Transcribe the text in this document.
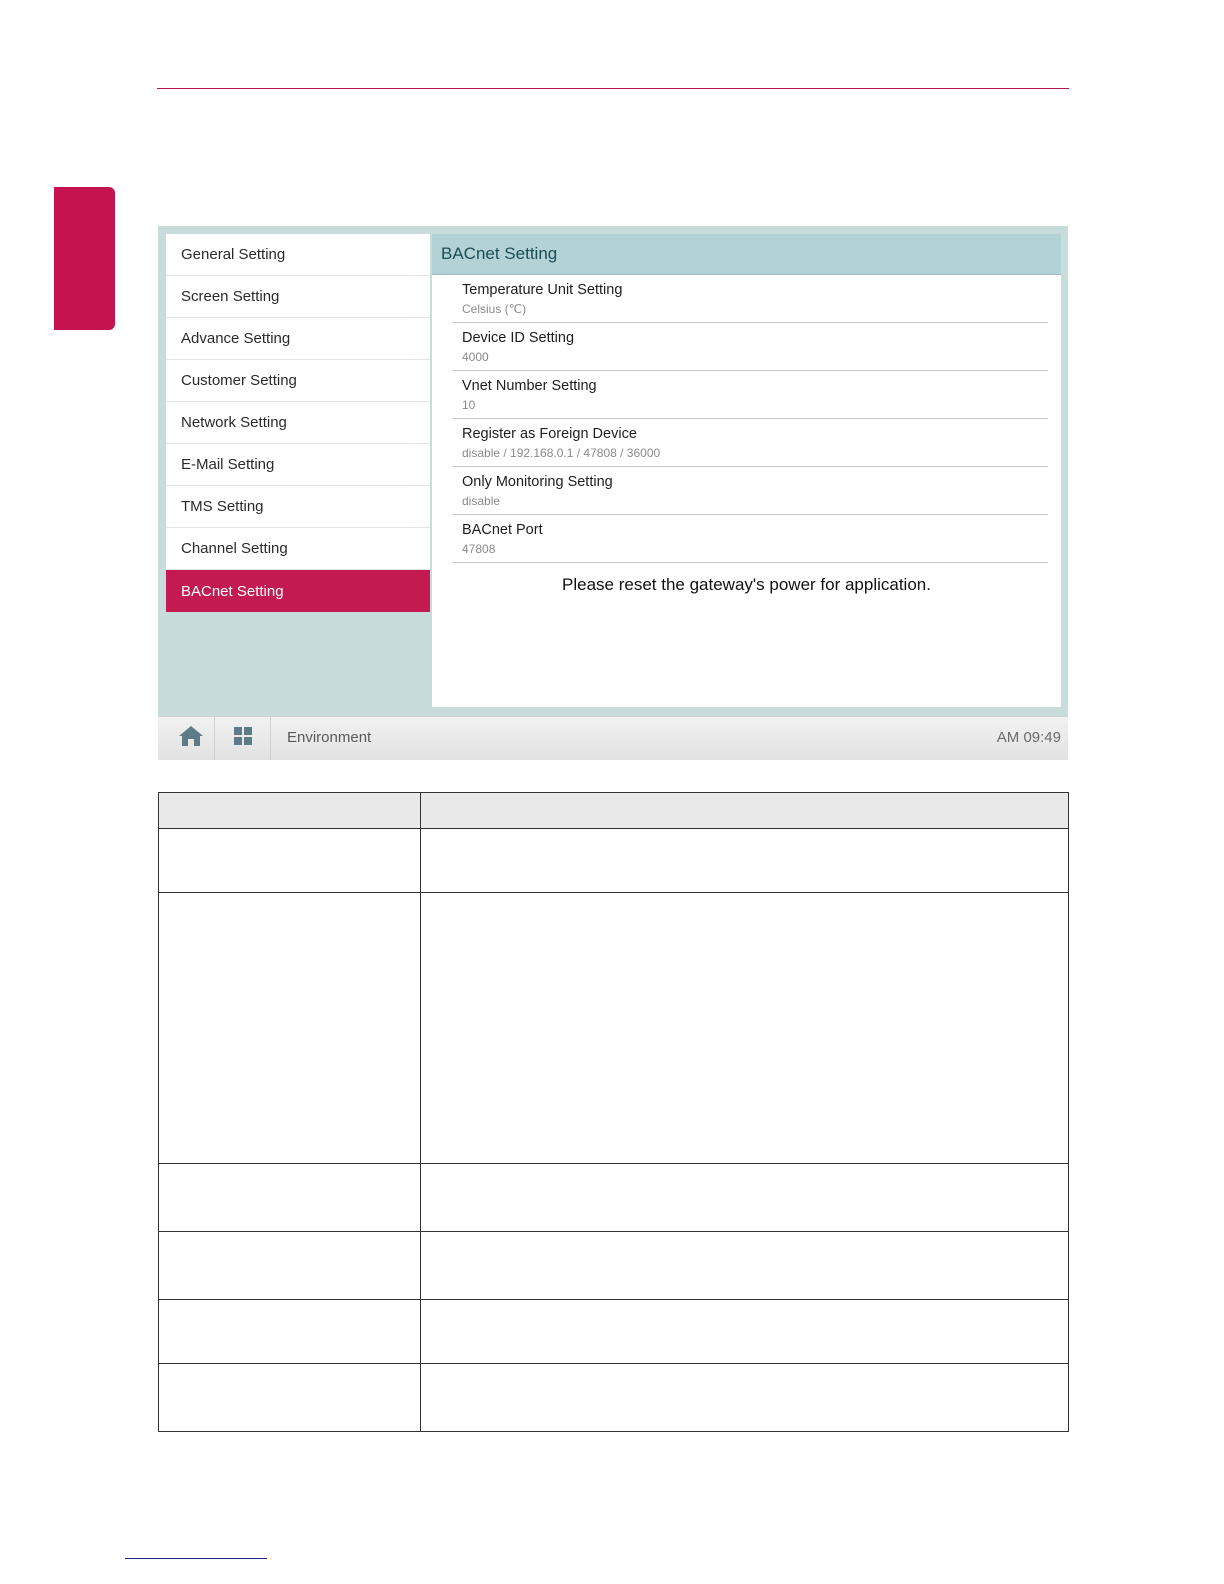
General Setting
Screen Setting
Advance Setting
Customer Setting
Network Setting
E-Mail Setting
TMS Setting
Channel Setting
BACnet Setting
BACnet Setting
Temperature Unit Setting
Celsius (℃)
Device ID Setting
4000
Vnet Number Setting
10
Register as Foreign Device
disable / 192.168.0.1 / 47808 / 36000
Only Monitoring Setting
disable
BACnet Port
47808
Please reset the gateway's power for application.
Environment	AM 09:49
